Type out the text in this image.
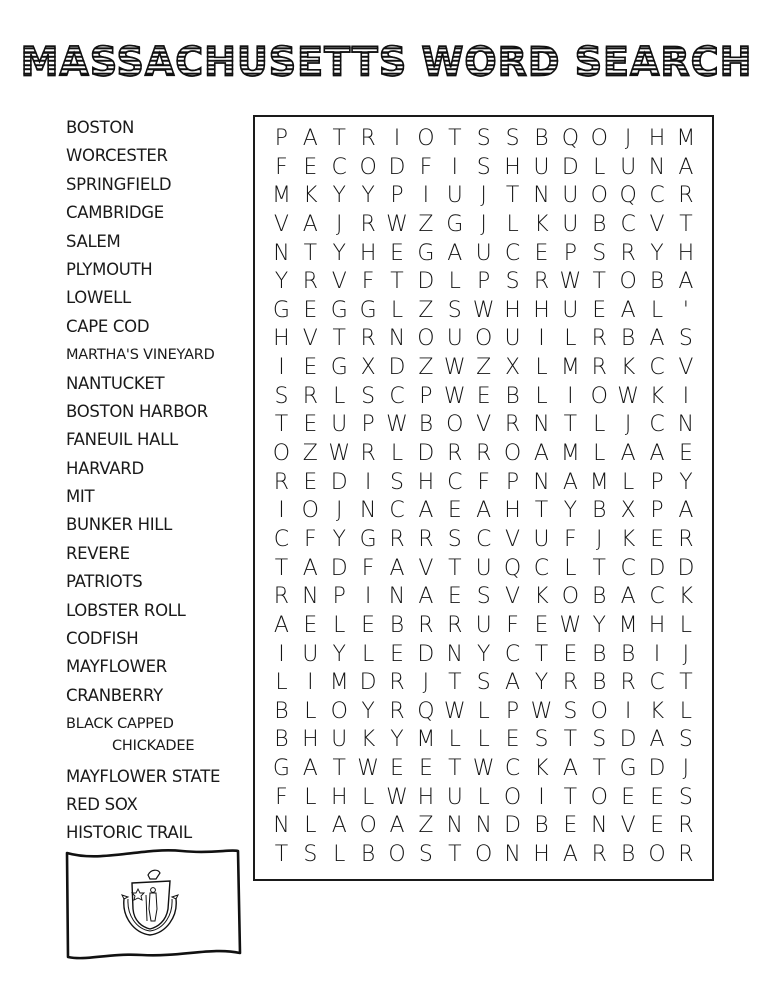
MASSACHUSETTS WORD SEARCH
BOSTON
WORCESTER
SPRINGFIELD
CAMBRIDGE
SALEM
PLYMOUTH
LOWELL
CAPE COD
MARTHA'S VINEYARD
NANTUCKET
BOSTON HARBOR
FANEUIL HALL
HARVARD
MIT
BUNKER HILL
REVERE
PATRIOTS
LOBSTER ROLL
CODFISH
MAYFLOWER
CRANBERRY
BLACK CAPPED
CHICKADEE
MAYFLOWER STATE
RED SOX
HISTORIC TRAIL
P A T R I O T S S B Q O J H M
F E C O D F I S H U D L U N A
M K Y Y P I U J T N U O Q C R
V A J R W Z G J L K U B C V T
N T Y H E G A U C E P S R Y H
Y R V F T D L P S R W T O B A
G E G G L Z S W H H U E A L '
H V T R N O U O U I L R B A S
I E G X D Z W Z X L M R K C V
S R L S C P W E B L I O W K I
T E U P W B O V R N T L J C N
O Z W R L D R R O A M L A A E
R E D I S H C F P N A M L P Y
I O J N C A E A H T Y B X P A
C F Y G R R S C V U F J K E R
T A D F A V T U Q C L T C D D
R N P I N A E S V K O B A C K
A E L E B R R U F E W Y M H L
I U Y L E D N Y C T E B B I	J
L I M D R J T S A Y R B R C T
B L O Y R Q W L P W S O I K L
B H U K Y M L L E S T S D A S
G A T W E E T W C K A T G D J
F L H L W H U L O I T O E E S
N L A O A Z N N D B E N V E R
T S L B O S T O N H A R B O R
